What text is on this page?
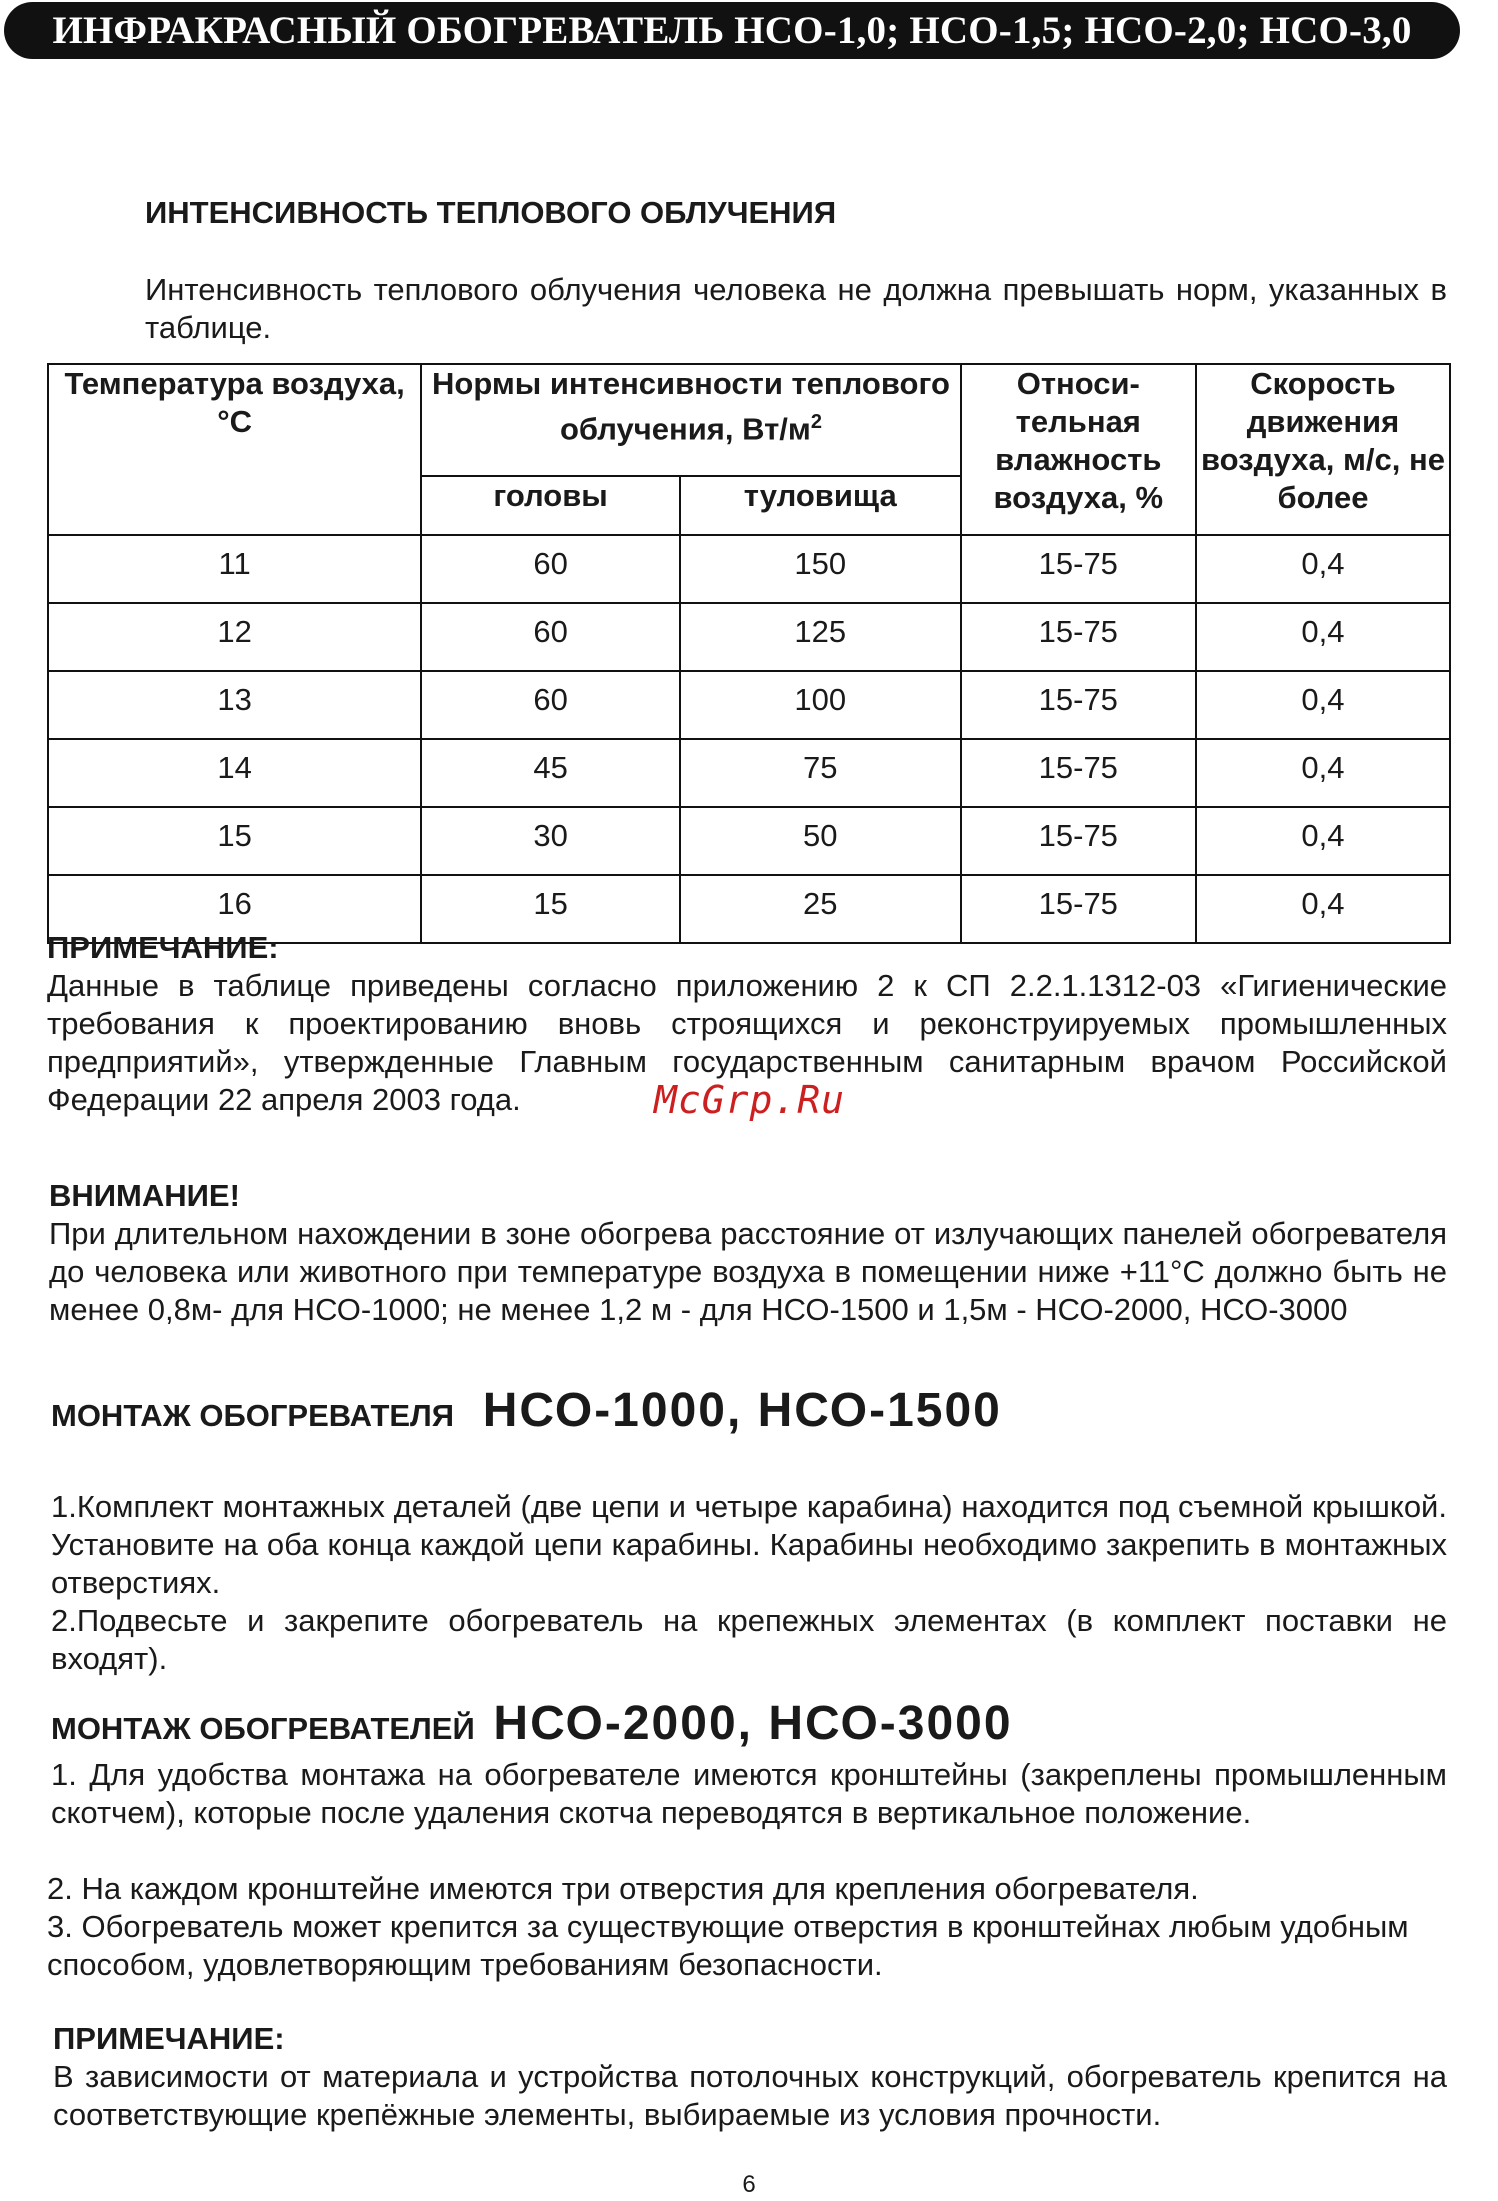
ИНФРАКРАСНЫЙ ОБОГРЕВАТЕЛЬ НСО-1,0; НСО-1,5; НСО-2,0; НСО-3,0
ИНТЕНСИВНОСТЬ ТЕПЛОВОГО ОБЛУЧЕНИЯ
Интенсивность теплового облучения человека не должна превышать норм, указанных в таблице.
Температура воздуха, °С	Нормы интенсивности теплового облучения, $Вт/м^2$		Относи-тельная влажность воздуха, %	Скорость движения воздуха, м/с, не более
	головы	туловища		
11	60	150	15-75	0,4
12	60	125	15-75	0,4
13	60	100	15-75	0,4
14	45	75	15-75	0,4
15	30	50	15-75	0,4
16	15	25	15-75	0,4
ПРИМЕЧАНИЕ:
Данные в таблице приведены согласно приложению 2 к СП 2.2.1.1312-03 «Гигиенические требования к проектированию вновь строящихся и реконструируемых промышленных предприятий», утвержденные Главным государственным санитарным врачом Российской Федерации 22 апреля 2003 года.	McGrp.Ru
ВНИМАНИЕ!
При длительном нахождении в зоне обогрева расстояние от излучающих панелей обогревателя до человека или животного при температуре воздуха в помещении ниже +11°С должно быть не менее 0,8м- для НСО-1000; не менее 1,2 м - для НСО-1500 и 1,5м - НСО-2000, НСО-3000
МОНТАЖ ОБОГРЕВАТЕЛЯ НСО-1000, НСО-1500
1.Комплект монтажных деталей (две цепи и четыре карабина) находится под съемной крышкой. Установите на оба конца каждой цепи карабины. Карабины необходимо закрепить в монтажных отверстиях.
2.Подвесьте и закрепите обогреватель на крепежных элементах (в комплект поставки не входят).
МОНТАЖ ОБОГРЕВАТЕЛЕЙ НСО-2000, НСО-3000
1. Для удобства монтажа на обогревателе имеются кронштейны (закреплены промышленным скотчем), которые после удаления скотча переводятся в вертикальное положение.
2. На каждом кронштейне имеются три отверстия для крепления обогревателя.
3. Обогреватель может крепится за существующие отверстия в кронштейнах любым удобным способом, удовлетворяющим требованиям безопасности.
ПРИМЕЧАНИЕ:
В зависимости от материала и устройства потолочных конструкций, обогреватель крепится на соответствующие крепёжные элементы, выбираемые из условия прочности.
6
